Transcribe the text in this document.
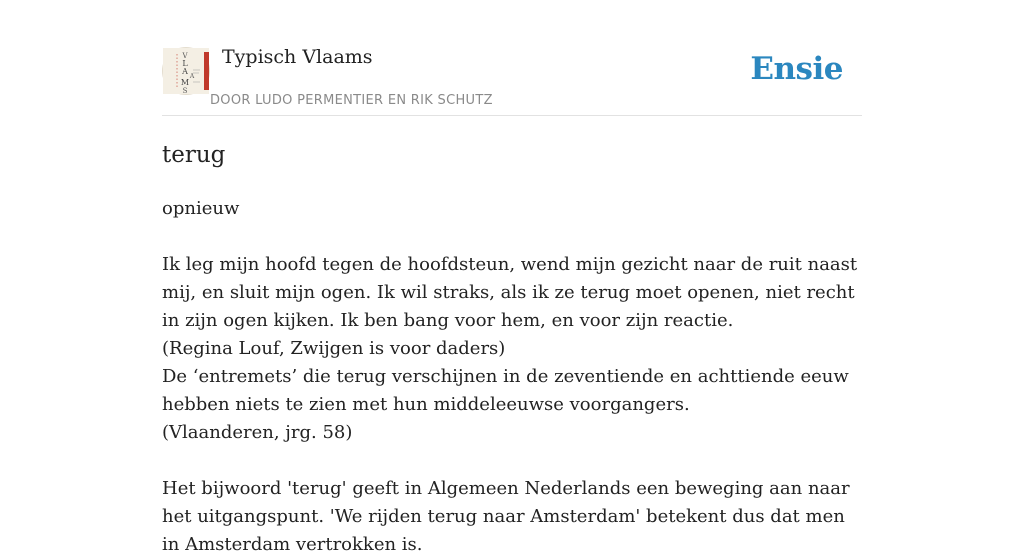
V
L
A
A
M
S
Typisch Vlaams
DOOR LUDO PERMENTIER EN RIK SCHUTZ
Ensie
terug

opnieuw

Ik leg mijn hoofd tegen de hoofdsteun, wend mijn gezicht naar de ruit naast mij, en sluit mijn ogen. Ik wil straks, als ik ze terug moet openen, niet recht in zijn ogen kijken. Ik ben bang voor hem, en voor zijn reactie.

(Regina Louf, Zwijgen is voor daders)

De ‘entremets’ die terug verschijnen in de zeventiende en achttiende eeuw hebben niets te zien met hun middeleeuwse voorgangers.

(Vlaanderen, jrg. 58)

Het bijwoord 'terug' geeft in Algemeen Nederlands een beweging aan naar het uitgangspunt. 'We rijden terug naar Amsterdam' betekent dus dat men in Amsterdam vertrokken is.
